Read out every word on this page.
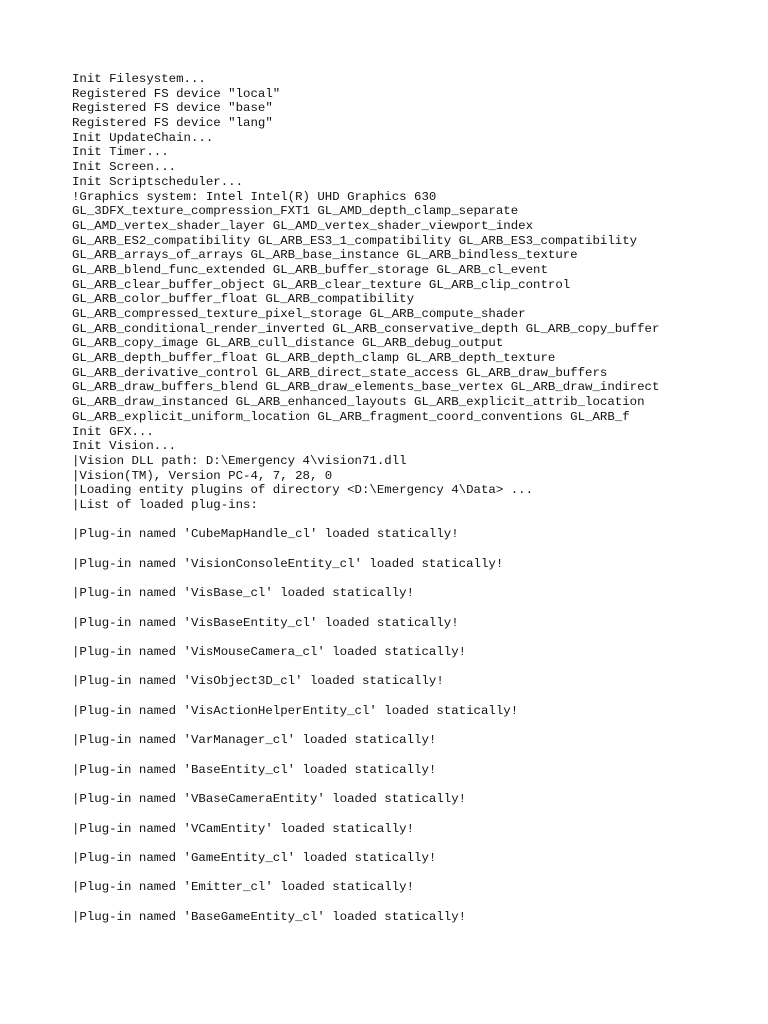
Init Filesystem...
Registered FS device "local"
Registered FS device "base"
Registered FS device "lang"
Init UpdateChain...
Init Timer...
Init Screen...
Init Scriptscheduler...
!Graphics system: Intel Intel(R) UHD Graphics 630
GL_3DFX_texture_compression_FXT1 GL_AMD_depth_clamp_separate
GL_AMD_vertex_shader_layer GL_AMD_vertex_shader_viewport_index
GL_ARB_ES2_compatibility GL_ARB_ES3_1_compatibility GL_ARB_ES3_compatibility
GL_ARB_arrays_of_arrays GL_ARB_base_instance GL_ARB_bindless_texture
GL_ARB_blend_func_extended GL_ARB_buffer_storage GL_ARB_cl_event
GL_ARB_clear_buffer_object GL_ARB_clear_texture GL_ARB_clip_control
GL_ARB_color_buffer_float GL_ARB_compatibility
GL_ARB_compressed_texture_pixel_storage GL_ARB_compute_shader
GL_ARB_conditional_render_inverted GL_ARB_conservative_depth GL_ARB_copy_buffer
GL_ARB_copy_image GL_ARB_cull_distance GL_ARB_debug_output
GL_ARB_depth_buffer_float GL_ARB_depth_clamp GL_ARB_depth_texture
GL_ARB_derivative_control GL_ARB_direct_state_access GL_ARB_draw_buffers
GL_ARB_draw_buffers_blend GL_ARB_draw_elements_base_vertex GL_ARB_draw_indirect
GL_ARB_draw_instanced GL_ARB_enhanced_layouts GL_ARB_explicit_attrib_location
GL_ARB_explicit_uniform_location GL_ARB_fragment_coord_conventions GL_ARB_f
Init GFX...
Init Vision...
|Vision DLL path: D:\Emergency 4\vision71.dll
|Vision(TM), Version PC-4, 7, 28, 0
|Loading entity plugins of directory <D:\Emergency 4\Data> ...
|List of loaded plug-ins:
|Plug-in named 'CubeMapHandle_cl' loaded statically!
|Plug-in named 'VisionConsoleEntity_cl' loaded statically!
|Plug-in named 'VisBase_cl' loaded statically!
|Plug-in named 'VisBaseEntity_cl' loaded statically!
|Plug-in named 'VisMouseCamera_cl' loaded statically!
|Plug-in named 'VisObject3D_cl' loaded statically!
|Plug-in named 'VisActionHelperEntity_cl' loaded statically!
|Plug-in named 'VarManager_cl' loaded statically!
|Plug-in named 'BaseEntity_cl' loaded statically!
|Plug-in named 'VBaseCameraEntity' loaded statically!
|Plug-in named 'VCamEntity' loaded statically!
|Plug-in named 'GameEntity_cl' loaded statically!
|Plug-in named 'Emitter_cl' loaded statically!
|Plug-in named 'BaseGameEntity_cl' loaded statically!
